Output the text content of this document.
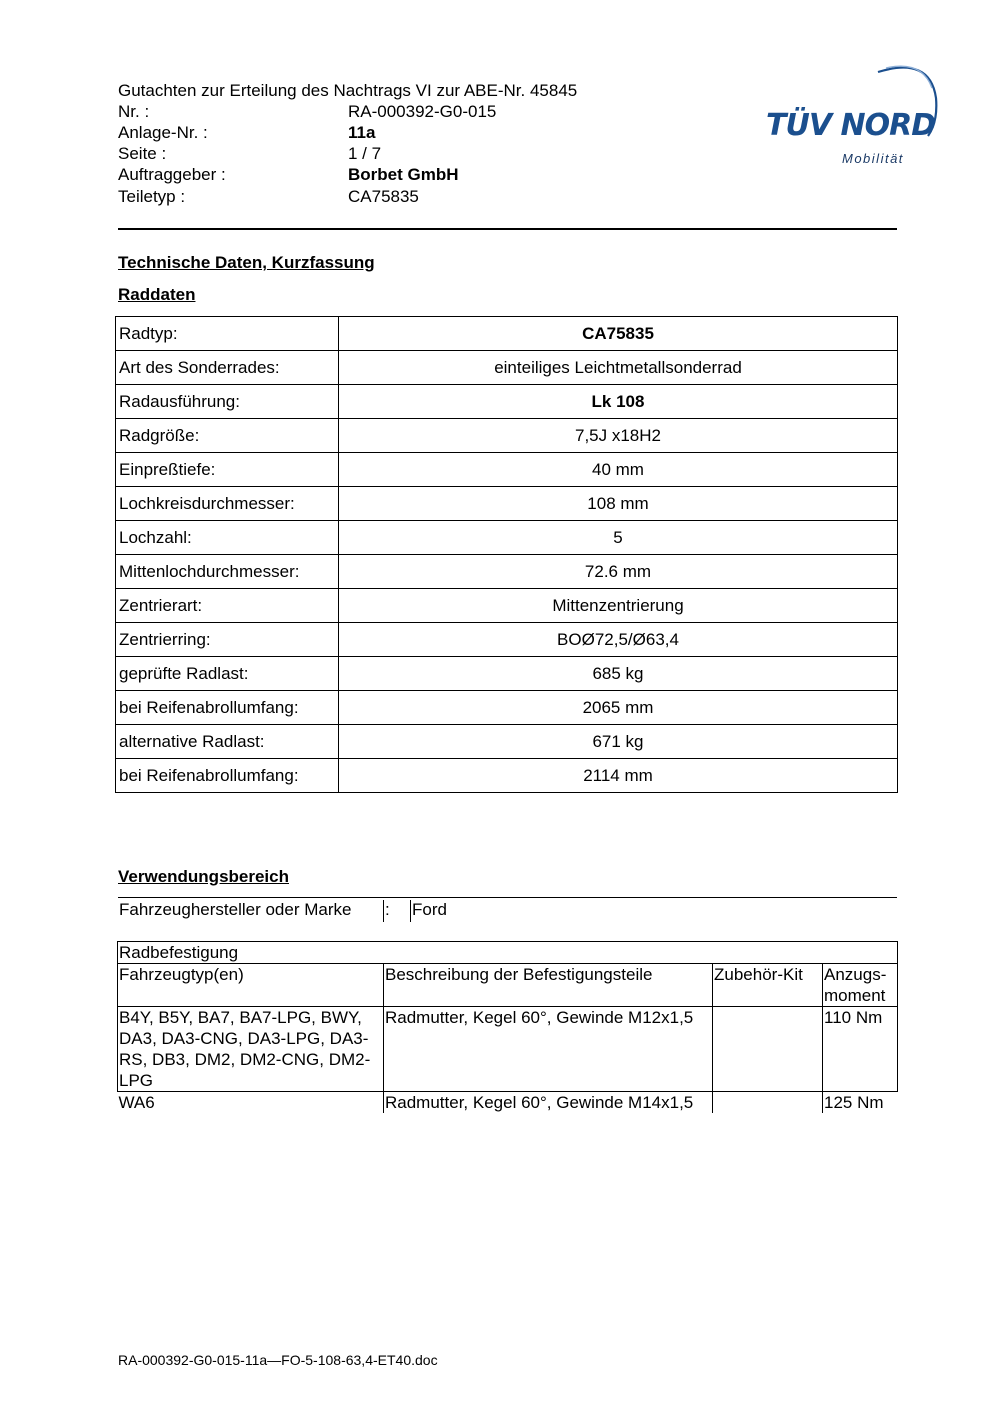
Gutachten zur Erteilung des Nachtrags VI zur ABE-Nr. 45845
Nr. :	RA-000392-G0-015
Anlage-Nr. :	11a
Seite :	1 / 7
Auftraggeber :	Borbet GmbH
Teiletyp :	CA75835
TÜV NORD
Mobilität
Technische Daten, Kurzfassung
Raddaten
Radtyp:	CA75835
Art des Sonderrades:	einteiliges Leichtmetallsonderrad
Radausführung:	Lk 108
Radgröße:	7,5J x18H2
Einpreßtiefe:	40 mm
Lochkreisdurchmesser:	108 mm
Lochzahl:	5
Mittenlochdurchmesser:	72.6 mm
Zentrierart:	Mittenzentrierung
Zentrierring:	BOØ72,5/Ø63,4
geprüfte Radlast:	685 kg
bei Reifenabrollumfang:	2065 mm
alternative Radlast:	671 kg
bei Reifenabrollumfang:	2114 mm
Verwendungsbereich
Fahrzeughersteller oder Marke : Ford
Radbefestigung			
Fahrzeugtyp(en)	Beschreibung der Befestigungsteile	Zubehör-Kit	Anzugs-moment
B4Y, B5Y, BA7, BA7-LPG, BWY, DA3, DA3-CNG, DA3-LPG, DA3-RS, DB3, DM2, DM2-CNG, DM2-LPG	Radmutter, Kegel 60°, Gewinde M12x1,5		110 Nm
WA6	Radmutter, Kegel 60°, Gewinde M14x1,5		125 Nm
RA-000392-G0-015-11a—FO-5-108-63,4-ET40.doc
